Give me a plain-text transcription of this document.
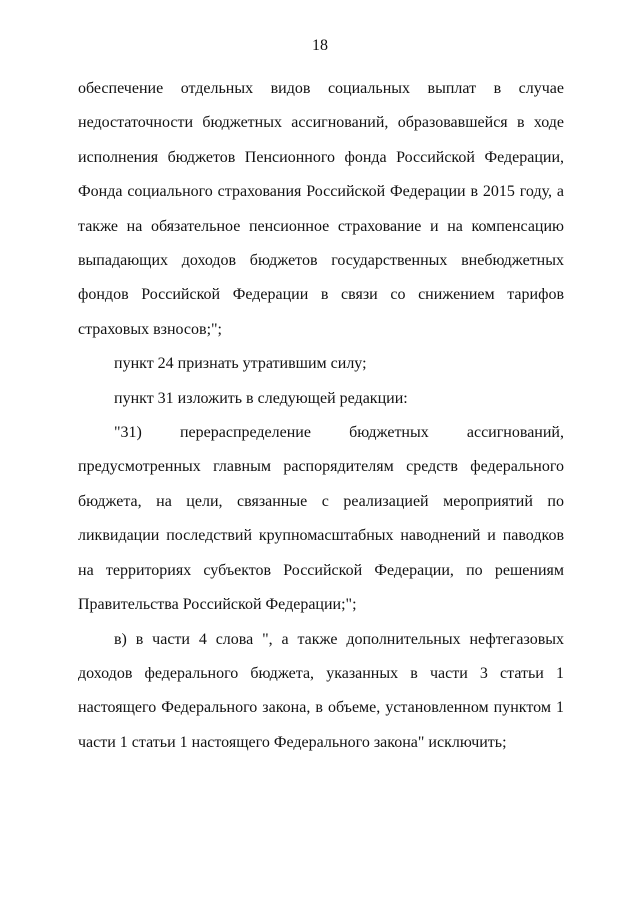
18

обеспечение отдельных видов социальных выплат в случае недостаточности бюджетных ассигнований, образовавшейся в ходе исполнения бюджетов Пенсионного фонда Российской Федерации, Фонда социального страхования Российской Федерации в 2015 году, а также на обязательное пенсионное страхование и на компенсацию выпадающих доходов бюджетов государственных внебюджетных фондов Российской Федерации в связи со снижением тарифов страховых взносов;";

пункт 24 признать утратившим силу;

пункт 31 изложить в следующей редакции:

"31) перераспределение бюджетных ассигнований, предусмотренных главным распорядителям средств федерального бюджета, на цели, связанные с реализацией мероприятий по ликвидации последствий крупномасштабных наводнений и паводков на территориях субъектов Российской Федерации, по решениям Правительства Российской Федерации;";

в) в части 4 слова ", а также дополнительных нефтегазовых доходов федерального бюджета, указанных в части 3 статьи 1 настоящего Федерального закона, в объеме, установленном пунктом 1 части 1 статьи 1 настоящего Федерального закона" исключить;
